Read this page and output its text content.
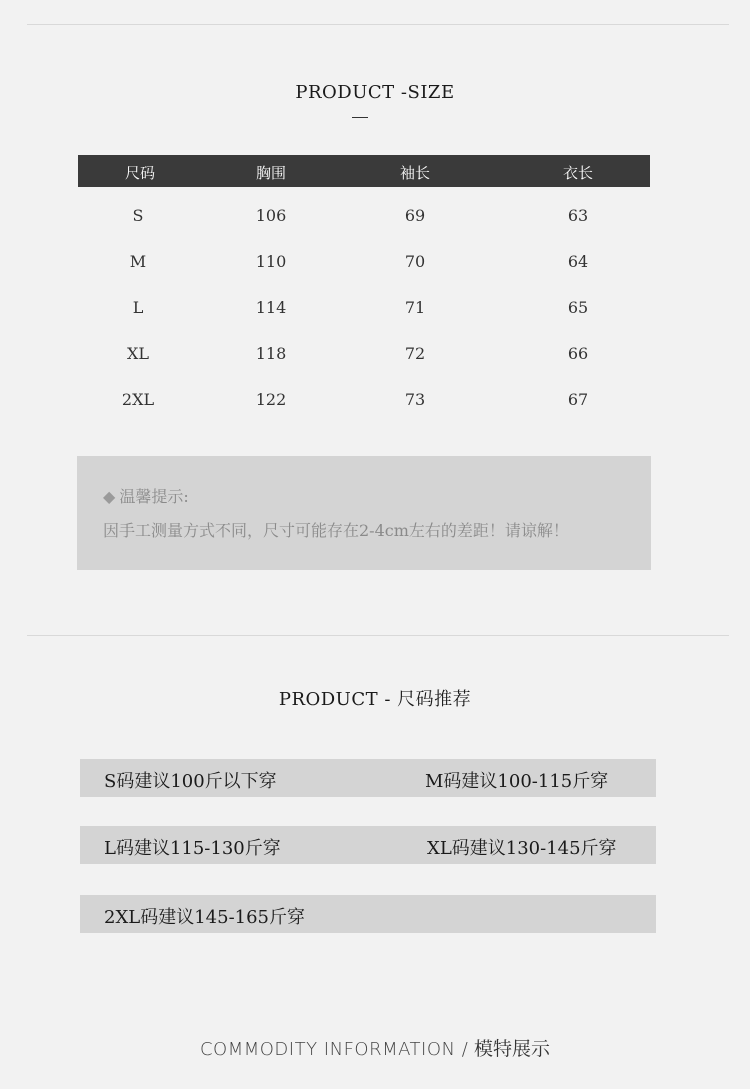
PRODUCT -SIZE
尺码	胸围	袖长	衣长
S	106	69	63
M	110	70	64
L	114	71	65
XL	118	72	66
2XL	122	73	67
◆ 温馨提示:
因手工测量方式不同，尺寸可能存在2-4cm左右的差距！请谅解！
PRODUCT - 尺码推荐
S码建议100斤以下穿	M码建议100-115斤穿
L码建议115-130斤穿	XL码建议130-145斤穿
2XL码建议145-165斤穿
COMMODITY INFORMATION / 模特展示
